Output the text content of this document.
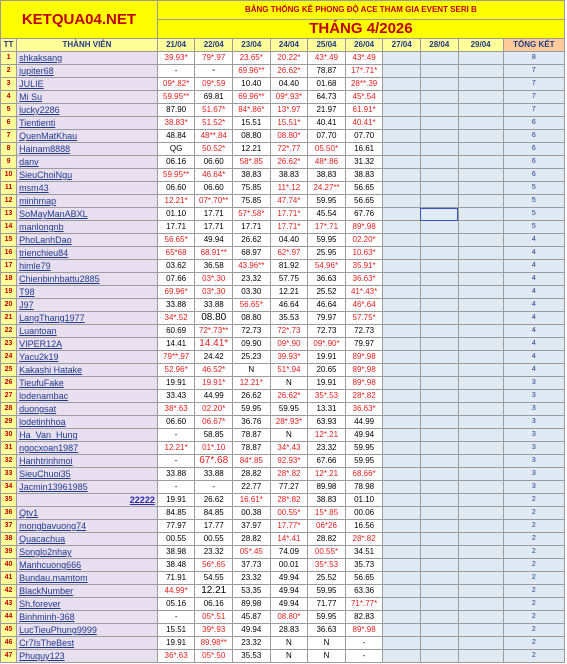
KETQUA04.NET		BẢNG THỐNG KÊ PHONG ĐỘ ACE THAM GIA EVENT SERI B									
		THÁNG 4/2026									
TT	THÀNH VIÊN	21/04	22/04	23/04	24/04	25/04	26/04	27/04	28/04	29/04	TỔNG KẾT
1	shkaksang	39.93*	79*.97	23.65*	20.22*	43*.49	43*.49				8
2	jupiter68	-	-	69.96**	26.62*	78.87	17*.71*				7
3	JULIE	09*.82*	09*.59	10.40	04.40	01.68	28**.39				7
4	Mi Su	59.95**	69.81	69.96**	09*.93*	64.73	45*.54				7
5	lucky2286	87.90	51.67*	84*.86*	13*.97	21.97	61.91*				7
6	Tientienti	38.83*	51.52*	15.51	15.51*	40.41	40.41*				6
7	QuenMatKhau	48.84	48**.84	08.80	08.80*	07.70	07.70				6
8	Hainam8888	QG	50.52*	12.21	72*.77	05.50*	16.61				6
9	danv	06.16	06.60	58*.85	26.62*	48*.86	31.32				6
10	SieuChoiNgu	59.95**	46.64*	38.83	38.83	38.83	38.83				6
11	msm43	06.60	06.60	75.85	11*.12	24.27**	56.65				5
12	minhmap	12.21*	07*.70**	75.85	47.74*	59.95	56.65				5
13	SoMayManABXL	01.10	17.71	57*.58*	17.71*	45.54	67.76				5
14	manlongnb	17.71	17.71	17.71	17.71*	17*.71	89*.98				5
15	PhoLanhDao	56.65*	49.94	26.62	04.40	59.95	02.20*				4
16	trienchieu84	65*68	68.91**	68.97	62*.97	25.95	10.63*				4
17	himle79	03.62	36.58	43.96**	81.92	54.96*	35.91*				4
18	Chienbinhbattu2885	07.66	03*.30	23.32	57.75	36.63	36.63*				4
19	T98	69.96*	03*.30	03.30	12.21	25.52	41*.43*				4
20	J97	33.88	33.88	56.65*	46.64	46.64	46*.64				4
21	LangThang1977	34*.52	08.80	08.80	35.53	79.97	57.75*				4
22	Luantoan	60.69	72*.73**	72.73	72*.73	72.73	72.73				4
23	VIPER12A	14.41	14.41*	09.90	09*.90	09*.90*	79.97				4
24	Yacu2k19	79**.97	24.42	25.23	39.93*	19.91	89*.98				4
25	Kakashi Hatake	52.96*	46.52*	N	51*.94	20.65	89*.98				4
26	TieufuFake	19.91	19.91*	12.21*	N	19.91	89*.98				3
27	lodenambac	33.43	44.99	26.62	26.62*	35*.53	28*.82				3
28	duongsat	38*.63	02.20*	59.95	59.95	13.31	36.63*				3
29	lodetinhhoa	06.60	06.67*	36.76	28*.93*	63.93	44.99				3
30	Ha_Van_Hung	-	58.85	78.87	N	12*.21	49.94				3
31	ngocxoan1987	12.21*	01*.10	78.87	34*.43	23.32	59.95				3
32	Hanhtrinhmoi	-	67*.68	84*.85	92.93*	67.66	59.95				3
33	SieuChuoi35	33.88	33.88	28.82	28*.82	12*.21	68.66*				3
34	Jacmin13961985	-	-	22.77	77.27	89.98	78.98				3
35	22222	19.91	26.62	16.61*	28*.82	38.83	01.10				2
36	Qtv1	84.85	84.85	00.38	00.55*	15*.85	00.06				2
37	mongbavuong74	77.97	17.77	37.97	17.77*	06*26	16.56				2
38	Quacachua	00.55	00.55	28.82	14*.41	28.82	28*.82				2
39	Songlo2nhay	38.98	23.32	05*.45	74.09	00.55*	34.51				2
40	Manhcuong666	38.48	56*.65	37.73	00.01	35*.53	35.73				2
41	Bundau.mamtom	71.91	54.55	23.32	49.94	25.52	56.65				2
42	BlackNumber	44.99*	12.21	53.35	49.94	59.95	63.36				2
43	Sh.forever	05.16	06.16	89.98	49.94	71.77	71*.77*				2
44	Binhminh-368	-	05*.51	45.87	08.80*	59.95	82.83				2
45	LucTieuPhung9999	15.51	39*.93	49.94	28.83	36.63	89*.98				2
46	Cr7IsTheBest	19.91	89.98**	23.32	N	N	-				2
47	Phuquy123	36*.63	05*.50	35.53	N	N	-				2
